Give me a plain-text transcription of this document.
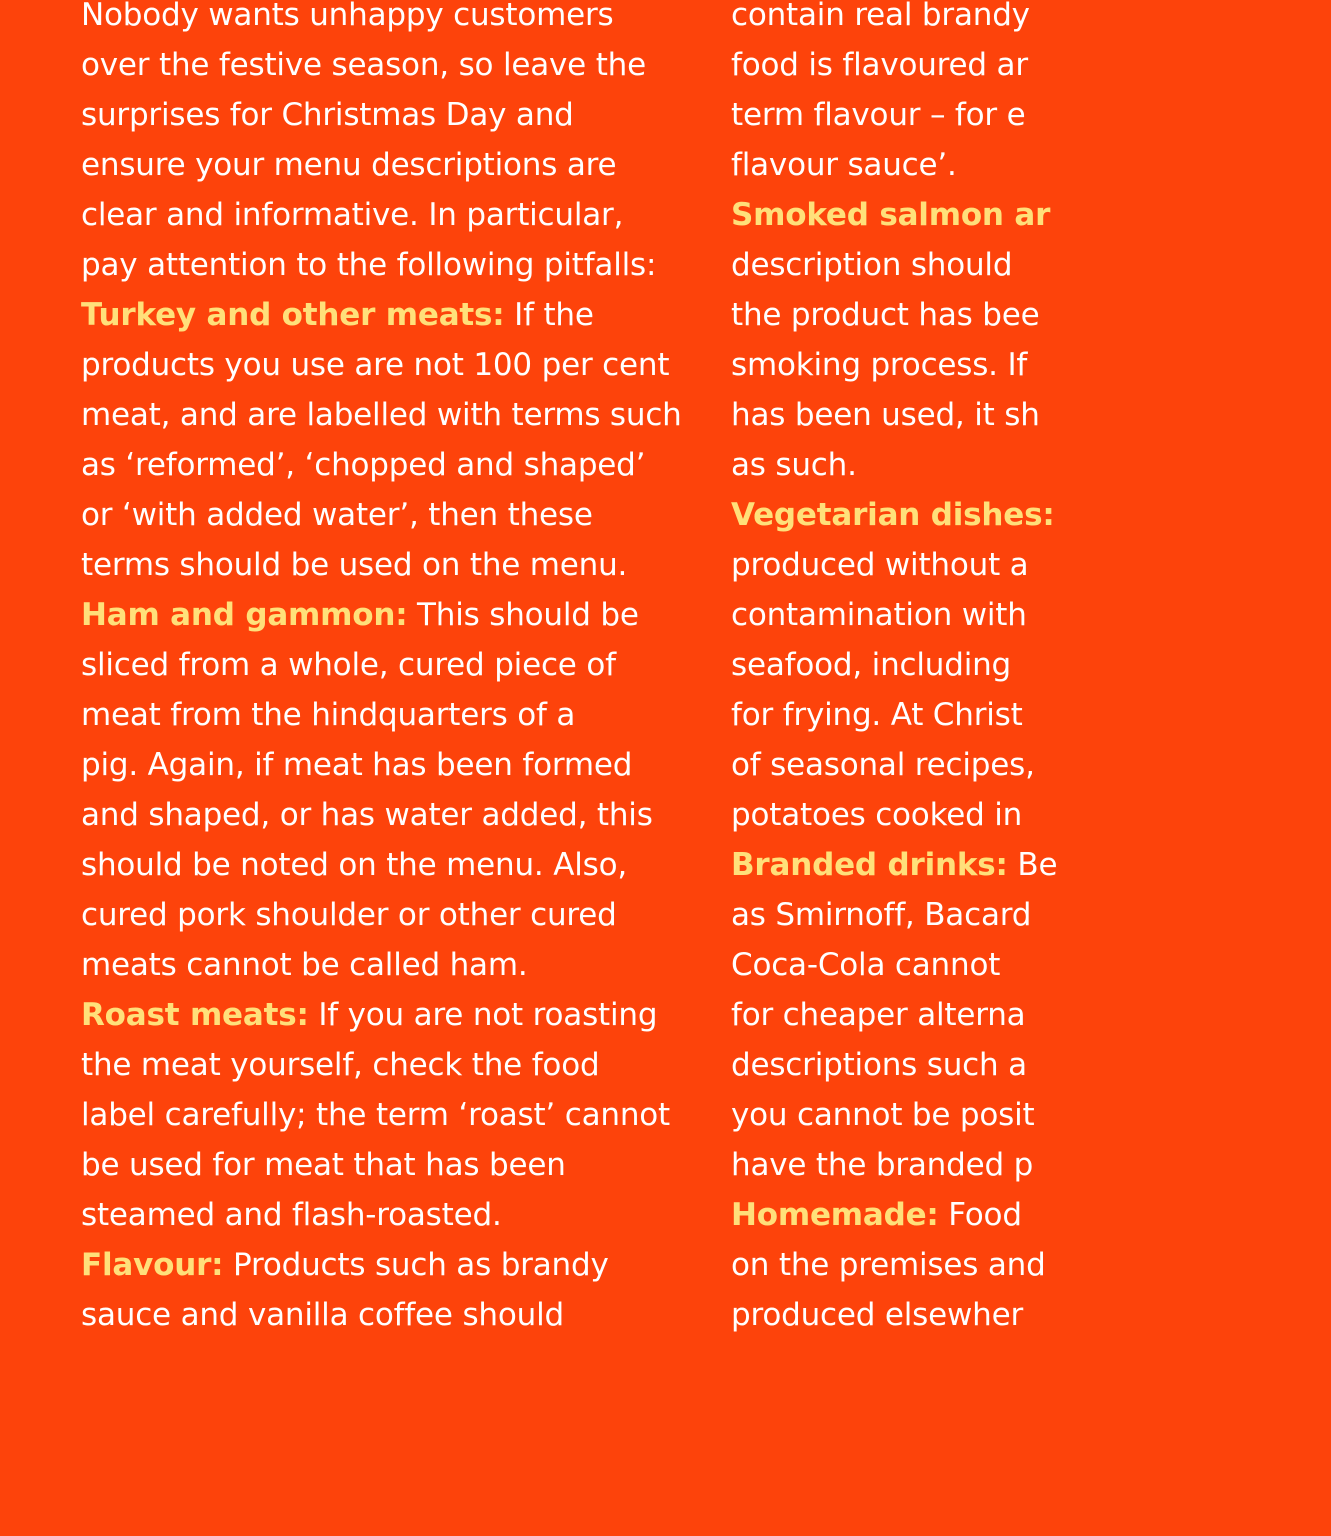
Nobody wants unhappy customers
over the festive season, so leave the
surprises for Christmas Day and
ensure your menu descriptions are
clear and informative. In particular,
pay attention to the following pitfalls:
Turkey and other meats: If the
products you use are not 100 per cent
meat, and are labelled with terms such
as ‘reformed’, ‘chopped and shaped’
or ‘with added water’, then these
terms should be used on the menu.
Ham and gammon: This should be
sliced from a whole, cured piece of
meat from the hindquarters of a
pig. Again, if meat has been formed
and shaped, or has water added, this
should be noted on the menu. Also,
cured pork shoulder or other cured
meats cannot be called ham.
Roast meats: If you are not roasting
the meat yourself, check the food
label carefully; the term ‘roast’ cannot
be used for meat that has been
steamed and flash-roasted.
Flavour: Products such as brandy
sauce and vanilla coffee should
contain real brandy
food is flavoured ar
term flavour – for e
flavour sauce’.
Smoked salmon ar
description should
the product has bee
smoking process. If
has been used, it sh
as such.
Vegetarian dishes:
produced without a
contamination with
seafood, including
for frying. At Christ
of seasonal recipes,
potatoes cooked in
Branded drinks: Be
as Smirnoff, Bacard
Coca-Cola cannot
for cheaper alterna
descriptions such a
you cannot be posit
have the branded p
Homemade: Food
on the premises and
produced elsewher
